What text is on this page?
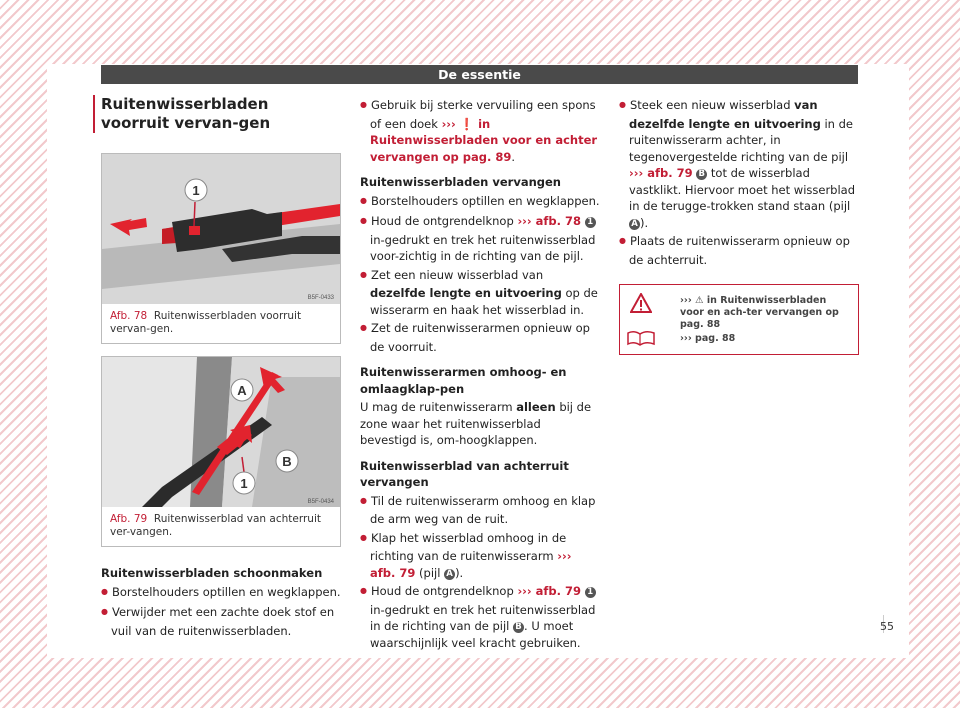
De essentie
Ruitenwisserbladen voorruit vervan-gen
1
B5F-0433
Afb. 78 Ruitenwisserbladen voorruit vervan-gen.
A
B
1
B5F-0434
Afb. 79 Ruitenwisserblad van achterruit ver-vangen.
Ruitenwisserbladen schoonmaken
● Borstelhouders optillen en wegklappen.
● Verwijder met een zachte doek stof en vuil van de ruitenwisserbladen.
● Gebruik bij sterke vervuiling een spons of een doek ››› ❗ in Ruitenwisserbladen voor en achter vervangen op pag. 89.
Ruitenwisserbladen vervangen
● Borstelhouders optillen en wegklappen.
● Houd de ontgrendelknop ››› afb. 78 1 in-gedrukt en trek het ruitenwisserblad voor-zichtig in de richting van de pijl.
● Zet een nieuw wisserblad van dezelfde lengte en uitvoering op de wisserarm en haak het wisserblad in.
● Zet de ruitenwisserarmen opnieuw op de voorruit.
Ruitenwisserarmen omhoog- en omlaagklap-pen

U mag de ruitenwisserarm alleen bij de zone waar het ruitenwisserblad bevestigd is, om-hoogklappen.

Ruitenwisserblad van achterruit vervangen
● Til de ruitenwisserarm omhoog en klap de arm weg van de ruit.
● Klap het wisserblad omhoog in de richting van de ruitenwisserarm ››› afb. 79 (pijl A ).
● Houd de ontgrendelknop ››› afb. 79 1 in-gedrukt en trek het ruitenwisserblad in de richting van de pijl B . U moet waarschijnlijk veel kracht gebruiken.
● Steek een nieuw wisserblad van dezelfde lengte en uitvoering in de ruitenwisserarm achter, in tegenovergestelde richting van de pijl ››› afb. 79 B tot de wisserblad vastklikt. Hiervoor moet het wisserblad in de terugge-trokken stand staan (pijl A ).
● Plaats de ruitenwisserarm opnieuw op de achterruit.
››› ⚠ in Ruitenwisserbladen voor en ach-ter vervangen op pag. 88
››› pag. 88
55
